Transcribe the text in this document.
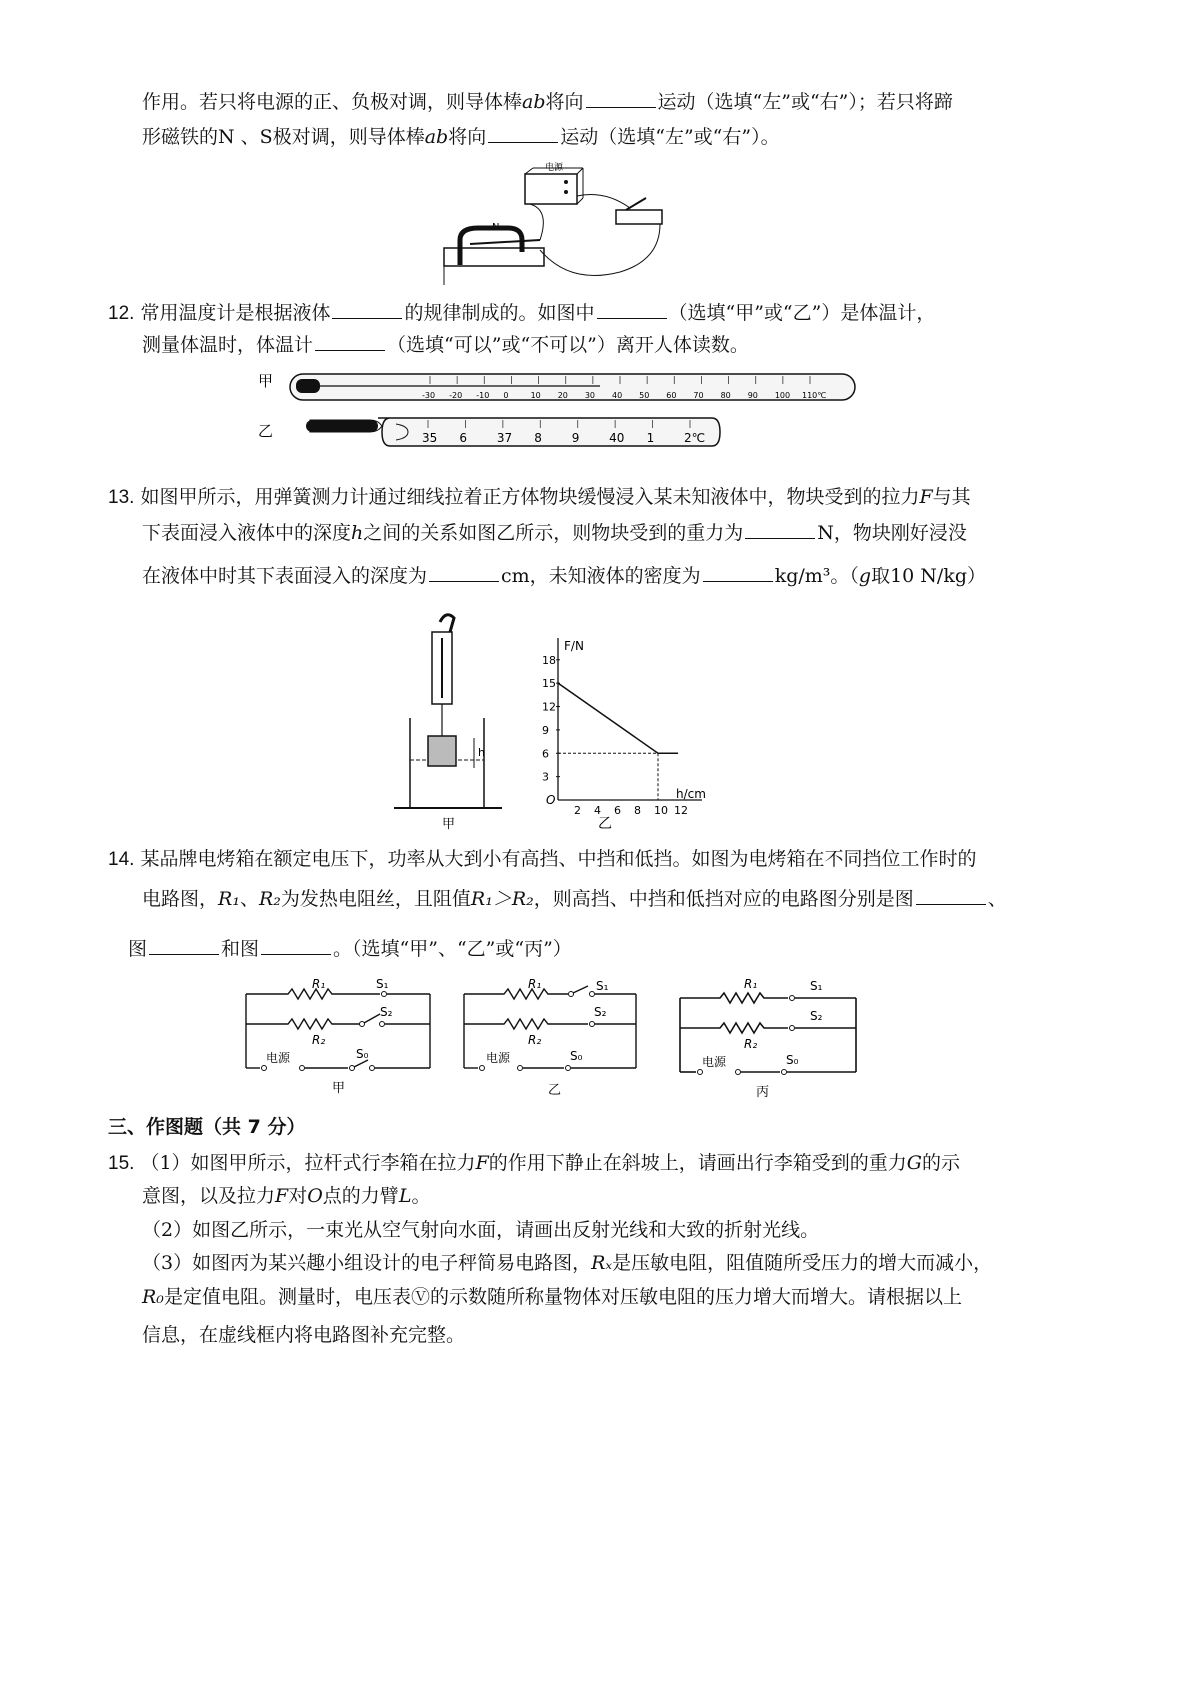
作用。若只将电源的正、负极对调，则导体棒ab将向	运动（选填“左”或“右”）；若只将蹄
形磁铁的N 、S极对调，则导体棒ab将向	运动（选填“左”或“右”）。
电源
N
12. 常用温度计是根据液体	的规律制成的。如图中	（选填“甲”或“乙”）是体温计，
测量体温时，体温计	（选填“可以”或“不可以”）离开人体读数。
甲
-30 -20 -10 0	10 20 30 40 50 60 70 80 90 100 110℃
乙	35 6 37 8 9 40 1 2℃
13. 如图甲所示，用弹簧测力计通过细线拉着正方体物块缓慢浸入某未知液体中，物块受到的拉力F与其
下表面浸入液体中的深度h之间的关系如图乙所示，则物块受到的重力为	N，物块刚好浸没
在液体中时其下表面浸入的深度为	cm，未知液体的密度为	kg/m³。（g取10 N/kg）
h
甲
F/N
h/cm
O
2 4 6 8 10 12
3
6
9
12
15
18
乙
14. 某品牌电烤箱在额定电压下，功率从大到小有高挡、中挡和低挡。如图为电烤箱在不同挡位工作时的
电路图，R₁、R₂为发热电阻丝，且阻值R₁＞R₂，则高挡、中挡和低挡对应的电路图分别是图	、
图	和图	。（选填“甲”、“乙”或“丙”）
R₁	S₁
S₂
R₂
电源	S₀
甲
R₁	S₁
S₂
R₂
电源	S₀
乙
R₁	S₁
S₂
R₂
电源	S₀
丙
三、作图题（共 7 分）
15. （1）如图甲所示，拉杆式行李箱在拉力F的作用下静止在斜坡上，请画出行李箱受到的重力G的示
意图，以及拉力F对O点的力臂L。
（2）如图乙所示，一束光从空气射向水面，请画出反射光线和大致的折射光线。
（3）如图丙为某兴趣小组设计的电子秤简易电路图，Rₓ是压敏电阻，阻值随所受压力的增大而减小，
R₀是定值电阻。测量时，电压表Ⓥ的示数随所称量物体对压敏电阻的压力增大而增大。请根据以上
信息，在虚线框内将电路图补充完整。
